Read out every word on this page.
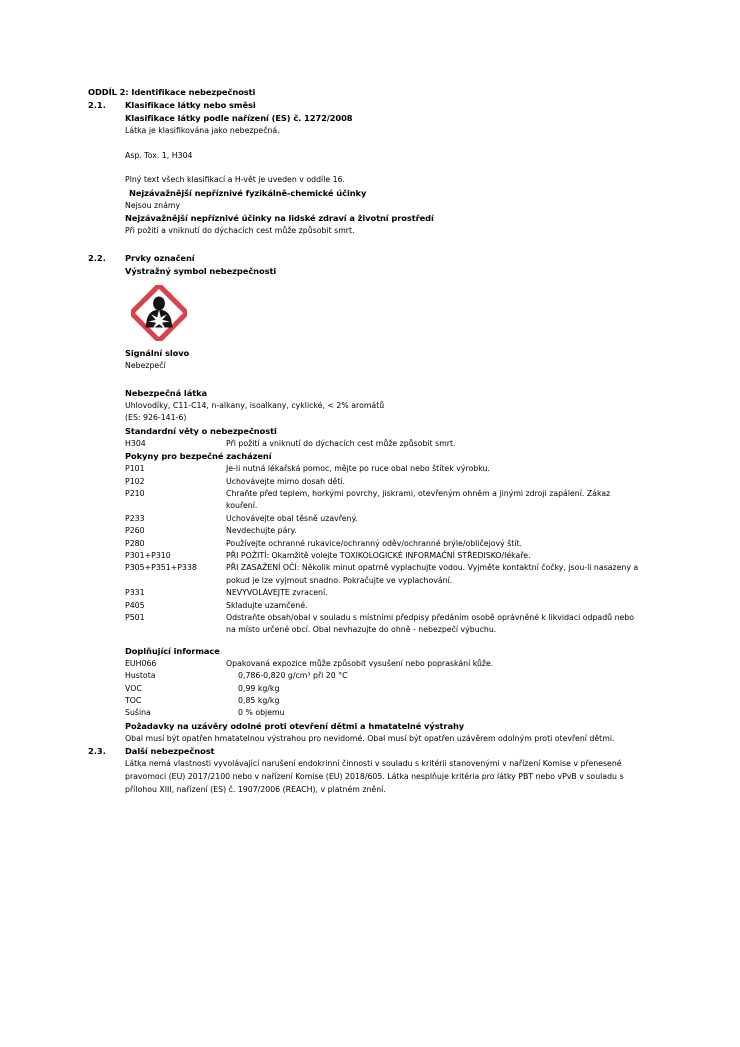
ODDÍL 2: Identifikace nebezpečnosti
2.1.	Klasifikace látky nebo směsi
Klasifikace látky podle nařízení (ES) č. 1272/2008
Látka je klasifikována jako nebezpečná.
Asp. Tox. 1, H304
Plný text všech klasifikací a H-vět je uveden v oddíle 16.
Nejzávažnější nepříznivé fyzikálně-chemické účinky
Nejsou známy
Nejzávažnější nepříznivé účinky na lidské zdraví a životní prostředí
Při požití a vniknutí do dýchacích cest může způsobit smrt.
2.2.	Prvky označení
Výstražný symbol nebezpečnosti
Signální slovo
Nebezpečí
Nebezpečná látka
Uhlovodíky, C11-C14, n-alkany, isoalkany, cyklické, < 2% aromátů
(ES: 926-141-6)
Standardní věty o nebezpečnosti
H304	Při požití a vniknutí do dýchacích cest může způsobit smrt.
Pokyny pro bezpečné zacházení
P101	Je-li nutná lékařská pomoc, mějte po ruce obal nebo štítek výrobku.
P102	Uchovávejte mimo dosah dětí.
P210	Chraňte před teplem, horkými povrchy, jiskrami, otevřeným ohněm a jinými zdroji zapálení. Zákaz kouření.
P233	Uchovávejte obal těsně uzavřený.
P260	Nevdechujte páry.
P280	Používejte ochranné rukavice/ochranný oděv/ochranné brýle/obličejový štít.
P301+P310	PŘI POŽITÍ: Okamžitě volejte TOXIKOLOGICKÉ INFORMAČNÍ STŘEDISKO/lékaře.
P305+P351+P338	PŘI ZASAŽENÍ OČÍ: Několik minut opatrně vyplachujte vodou. Vyjměte kontaktní čočky, jsou-li nasazeny a pokud je lze vyjmout snadno. Pokračujte ve vyplachování.
P331	NEVYVOLÁVEJTE zvracení.
P405	Skladujte uzamčené.
P501	Odstraňte obsah/obal v souladu s místními předpisy předáním osobě oprávněné k likvidaci odpadů nebo na místo určené obcí. Obal nevhazujte do ohně - nebezpečí výbuchu.
Doplňující informace
EUH066	Opakovaná expozice může způsobit vysušení nebo popraskání kůže.
Hustota	0,786-0,820 g/cm³ při 20 °C
VOC	0,99 kg/kg
TOC	0,85 kg/kg
Sušina	0 % objemu
Požadavky na uzávěry odolné proti otevření dětmi a hmatatelné výstrahy
Obal musí být opatřen hmatatelnou výstrahou pro nevidomé. Obal musí být opatřen uzávěrem odolným proti otevření dětmi.
2.3.	Další nebezpečnost
Látka nemá vlastnosti vyvolávající narušení endokrinní činnosti v souladu s kritérii stanovenými v nařízení Komise v přenesené pravomoci (EU) 2017/2100 nebo v nařízení Komise (EU) 2018/605. Látka nesplňuje kritéria pro látky PBT nebo vPvB v souladu s přílohou XIII, nařízení (ES) č. 1907/2006 (REACH), v platném znění.
